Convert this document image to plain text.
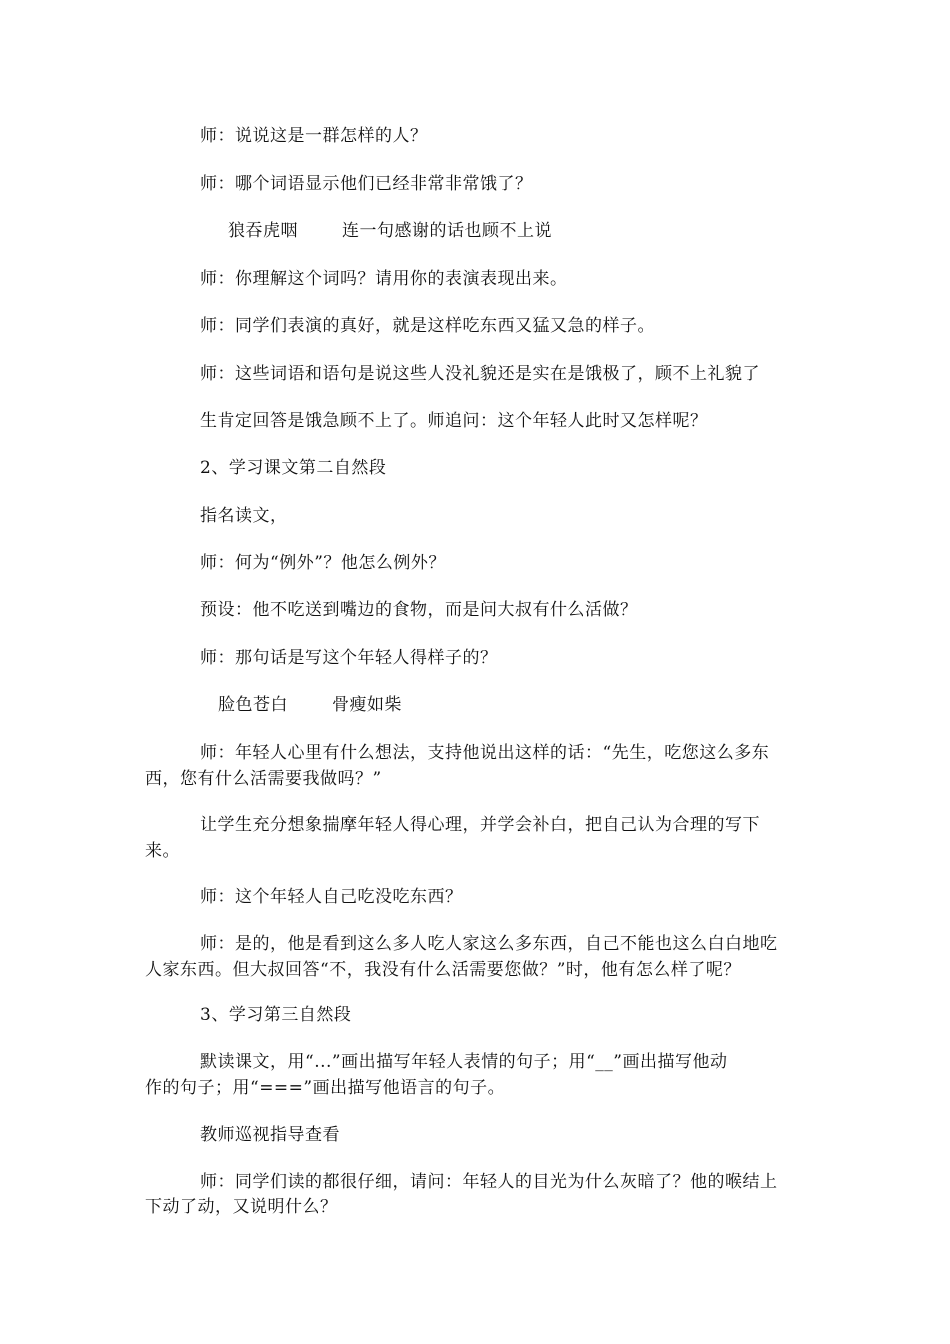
师：说说这是一群怎样的人？
师：哪个词语显示他们已经非常非常饿了？
狼吞虎咽	连一句感谢的话也顾不上说
师：你理解这个词吗？请用你的表演表现出来。
师：同学们表演的真好，就是这样吃东西又猛又急的样子。
师：这些词语和语句是说这些人没礼貌还是实在是饿极了，顾不上礼貌了
生肯定回答是饿急顾不上了。师追问：这个年轻人此时又怎样呢？
2、学习课文第二自然段
指名读文，
师：何为“例外”？他怎么例外？
预设：他不吃送到嘴边的食物，而是问大叔有什么活做？
师：那句话是写这个年轻人得样子的？
脸色苍白	骨瘦如柴
师：年轻人心里有什么想法，支持他说出这样的话：“先生，吃您这么多东
西，您有什么活需要我做吗？”
让学生充分想象揣摩年轻人得心理，并学会补白，把自己认为合理的写下
来。
师：这个年轻人自己吃没吃东西？
师：是的，他是看到这么多人吃人家这么多东西，自己不能也这么白白地吃
人家东西。但大叔回答“不，我没有什么活需要您做？”时，他有怎么样了呢？
3、学习第三自然段
默读课文，用“...”画出描写年轻人表情的句子；用“__”画出描写他动
作的句子；用“===”画出描写他语言的句子。
教师巡视指导查看
师：同学们读的都很仔细，请问：年轻人的目光为什么灰暗了？他的喉结上
下动了动，又说明什么？
